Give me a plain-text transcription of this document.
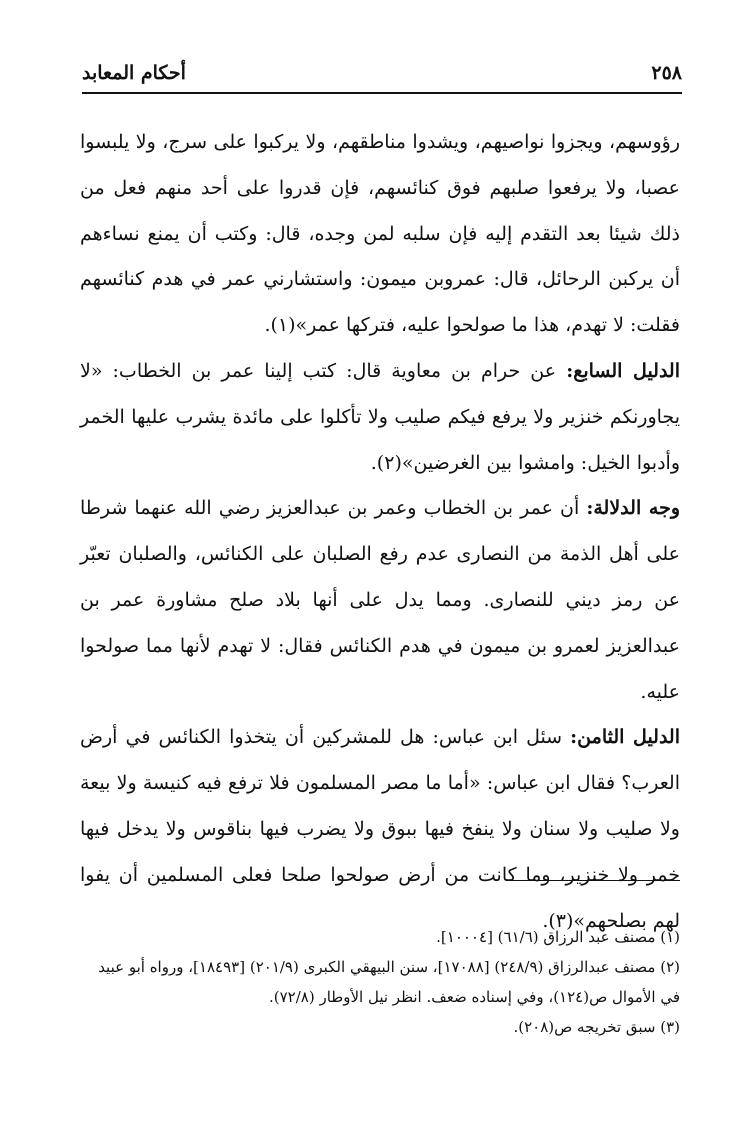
٢٥٨
أحكام المعابد

رؤوسهم، ويجزوا نواصيهم، ويشدوا مناطقهم، ولا يركبوا على سرج، ولا يلبسوا عصبا، ولا يرفعوا صلبهم فوق كنائسهم، فإن قدروا على أحد منهم فعل من ذلك شيئا بعد التقدم إليه فإن سلبه لمن وجده، قال: وكتب أن يمنع نساءهم أن يركبن الرحائل، قال: عمروبن ميمون: واستشارني عمر في هدم كنائسهم فقلت: لا تهدم، هذا ما صولحوا عليه، فتركها عمر»(١).

الدليل السابع: عن حرام بن معاوية قال: كتب إلينا عمر بن الخطاب: «لا يجاورنكم خنزير ولا يرفع فيكم صليب ولا تأكلوا على مائدة يشرب عليها الخمر وأدبوا الخيل: وامشوا بين الغرضين»(٢).

وجه الدلالة: أن عمر بن الخطاب وعمر بن عبدالعزيز رضي الله عنهما شرطا على أهل الذمة من النصارى عدم رفع الصلبان على الكنائس، والصلبان تعبّر عن رمز ديني للنصارى. ومما يدل على أنها بلاد صلح مشاورة عمر بن عبدالعزيز لعمرو بن ميمون في هدم الكنائس فقال: لا تهدم لأنها مما صولحوا عليه.

الدليل الثامن: سئل ابن عباس: هل للمشركين أن يتخذوا الكنائس في أرض العرب؟ فقال ابن عباس: «أما ما مصر المسلمون فلا ترفع فيه كنيسة ولا بيعة ولا صليب ولا سنان ولا ينفخ فيها ببوق ولا يضرب فيها بناقوس ولا يدخل فيها خمر ولا خنزير، وما كانت من أرض صولحوا صلحا فعلى المسلمين أن يفوا لهم بصلحهم»(٣).

(١) مصنف عبد الرزاق (٦١/٦) [١٠٠٠٤].

(٢) مصنف عبدالرزاق (٢٤٨/٩) [١٧٠٨٨]، سنن البيهقي الكبرى (٢٠١/٩) [١٨٤٩٣]، ورواه أبو عبيد في الأموال ص(١٢٤)، وفي إسناده ضعف. انظر نيل الأوطار (٧٢/٨).

(٣) سبق تخريجه ص(٢٠٨).
